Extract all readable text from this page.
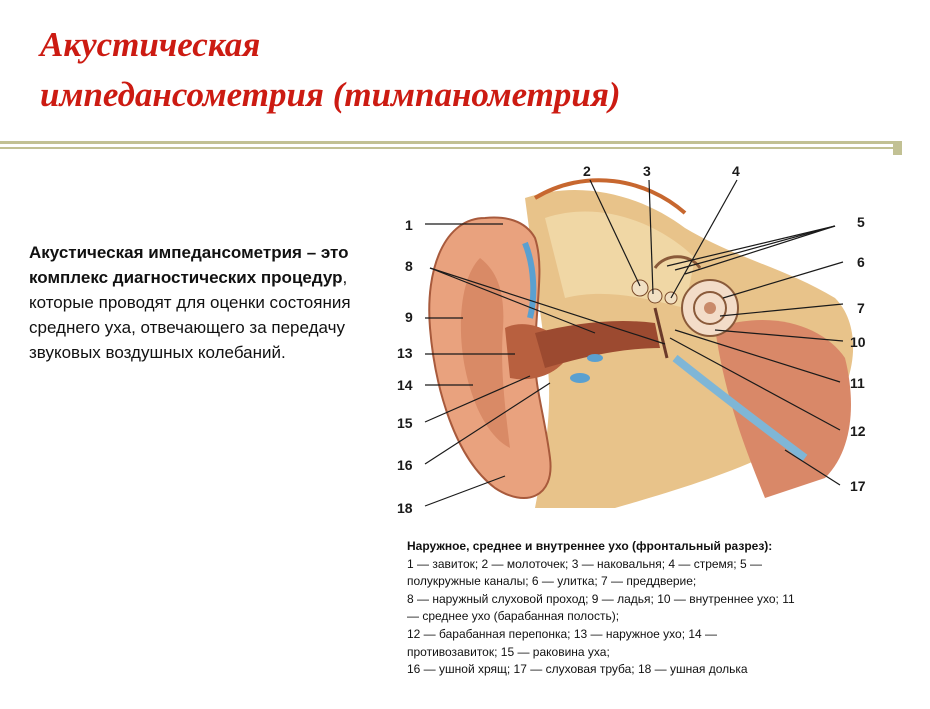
Акустическая
импедансометрия (тимпанометрия)
Акустическая импедансометрия – это комплекс диагностических процедур, которые проводят для оценки состояния среднего уха, отвечающего за передачу звуковых воздушных колебаний.
1
2	3	4
5
6
7
8
9
10
11
12
13
14
15
16
17
18
Наружное, среднее и внутреннее ухо (фронтальный разрез):
1 — завиток; 2 — молоточек; 3 — наковальня; 4 — стремя; 5 —
полукружные каналы; 6 — улитка; 7 — преддверие;
8 — наружный слуховой проход; 9 — ладья; 10 — внутреннее ухо; 11
— среднее ухо (барабанная полость);
12 — барабанная перепонка; 13 — наружное ухо; 14 —
противозавиток; 15 — раковина уха;
16 — ушной хрящ; 17 — слуховая труба; 18 — ушная долька
